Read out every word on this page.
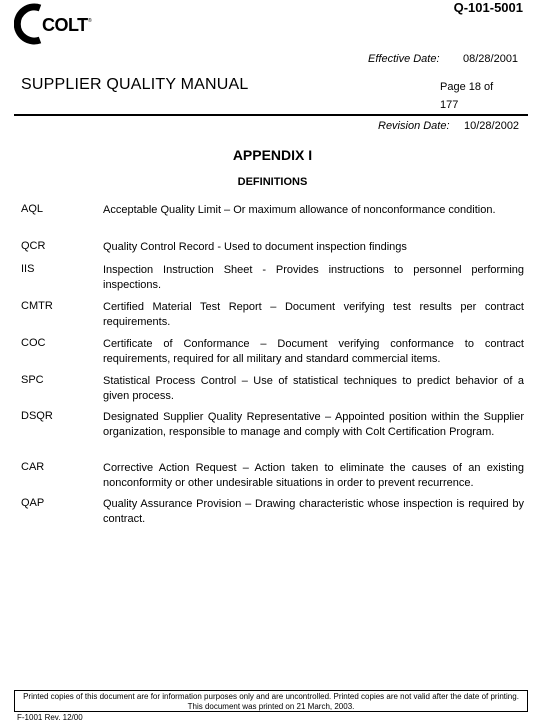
COLT ®
Q-101-5001
Effective Date: 08/28/2001
SUPPLIER QUALITY MANUAL	Page 18 of
177
Revision Date: 10/28/2002
APPENDIX I
DEFINITIONS
AQL	Acceptable Quality Limit – Or maximum allowance of nonconformance condition.
QCR	Quality Control Record - Used to document inspection findings
IIS	Inspection Instruction Sheet - Provides instructions to personnel performing inspections.
CMTR	Certified Material Test Report – Document verifying test results per contract requirements.
COC	Certificate of Conformance – Document verifying conformance to contract requirements, required for all military and standard commercial items.
SPC	Statistical Process Control – Use of statistical techniques to predict behavior of a given process.
DSQR	Designated Supplier Quality Representative – Appointed position within the Supplier organization, responsible to manage and comply with Colt Certification Program.
CAR	Corrective Action Request – Action taken to eliminate the causes of an existing nonconformity or other undesirable situations in order to prevent recurrence.
QAP	Quality Assurance Provision – Drawing characteristic whose inspection is required by contract.
Printed copies of this document are for information purposes only and are uncontrolled. Printed copies are not valid after the date of printing. This document was printed on 21 March, 2003.
F-1001 Rev. 12/00
